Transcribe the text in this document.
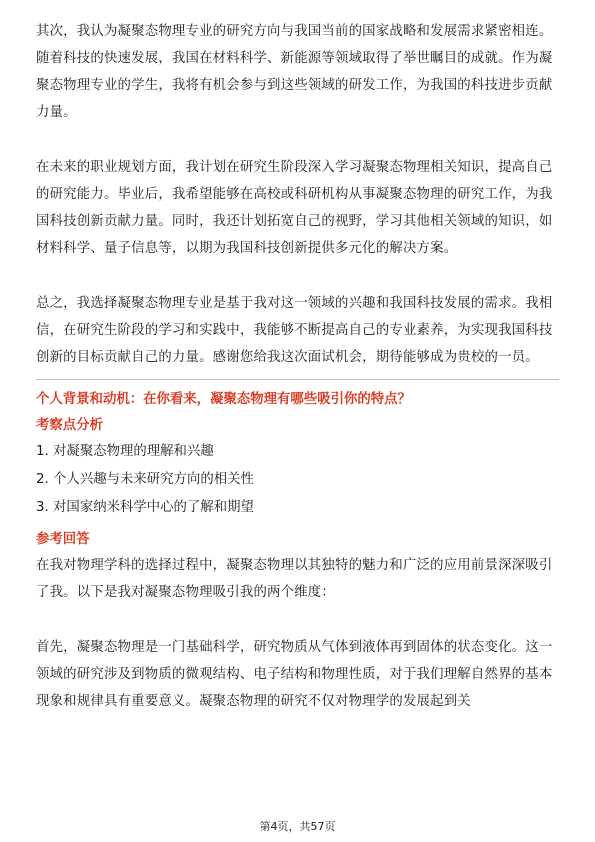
其次，我认为凝聚态物理专业的研究方向与我国当前的国家战略和发展需求紧密相连。随着科技的快速发展，我国在材料科学、新能源等领域取得了举世瞩目的成就。作为凝聚态物理专业的学生，我将有机会参与到这些领域的研发工作，为我国的科技进步贡献力量。

在未来的职业规划方面，我计划在研究生阶段深入学习凝聚态物理相关知识，提高自己的研究能力。毕业后，我希望能够在高校或科研机构从事凝聚态物理的研究工作，为我国科技创新贡献力量。同时，我还计划拓宽自己的视野，学习其他相关领域的知识，如材料科学、量子信息等，以期为我国科技创新提供多元化的解决方案。

总之，我选择凝聚态物理专业是基于我对这一领域的兴趣和我国科技发展的需求。我相信，在研究生阶段的学习和实践中，我能够不断提高自己的专业素养，为实现我国科技创新的目标贡献自己的力量。感谢您给我这次面试机会，期待能够成为贵校的一员。

个人背景和动机：在你看来，凝聚态物理有哪些吸引你的特点？
考察点分析
1. 对凝聚态物理的理解和兴趣
2. 个人兴趣与未来研究方向的相关性
3. 对国家纳米科学中心的了解和期望
参考回答

在我对物理学科的选择过程中，凝聚态物理以其独特的魅力和广泛的应用前景深深吸引了我。以下是我对凝聚态物理吸引我的两个维度：

首先，凝聚态物理是一门基础科学，研究物质从气体到液体再到固体的状态变化。这一领域的研究涉及到物质的微观结构、电子结构和物理性质，对于我们理解自然界的基本现象和规律具有重要意义。凝聚态物理的研究不仅对物理学的发展起到关

第4页，共57页
